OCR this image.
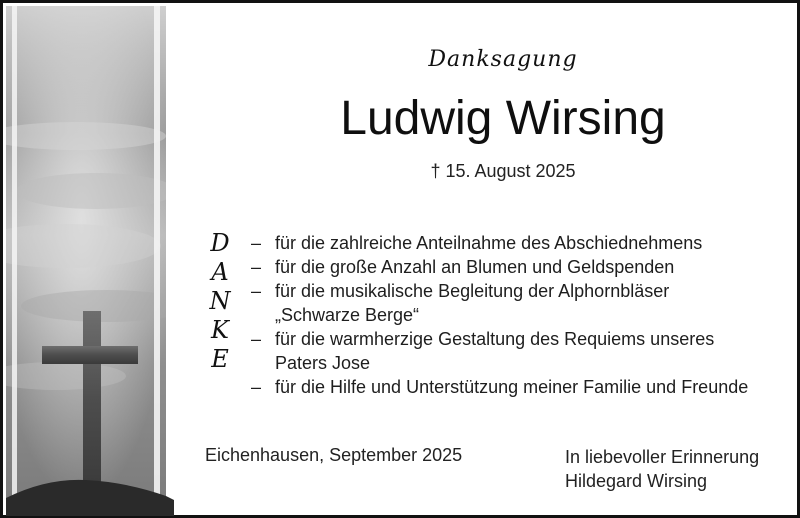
Danksagung
Ludwig Wirsing
† 15. August 2025
D
A
N
K
E
– für die zahlreiche Anteilnahme des Abschiednehmens
– für die große Anzahl an Blumen und Geldspenden
– für die musikalische Begleitung der Alphornbläser
„Schwarze Berge“
– für die warmherzige Gestaltung des Requiems unseres
Paters Jose
– für die Hilfe und Unterstützung meiner Familie und Freunde
Eichenhausen, September 2025	In liebevoller Erinnerung
Hildegard Wirsing
